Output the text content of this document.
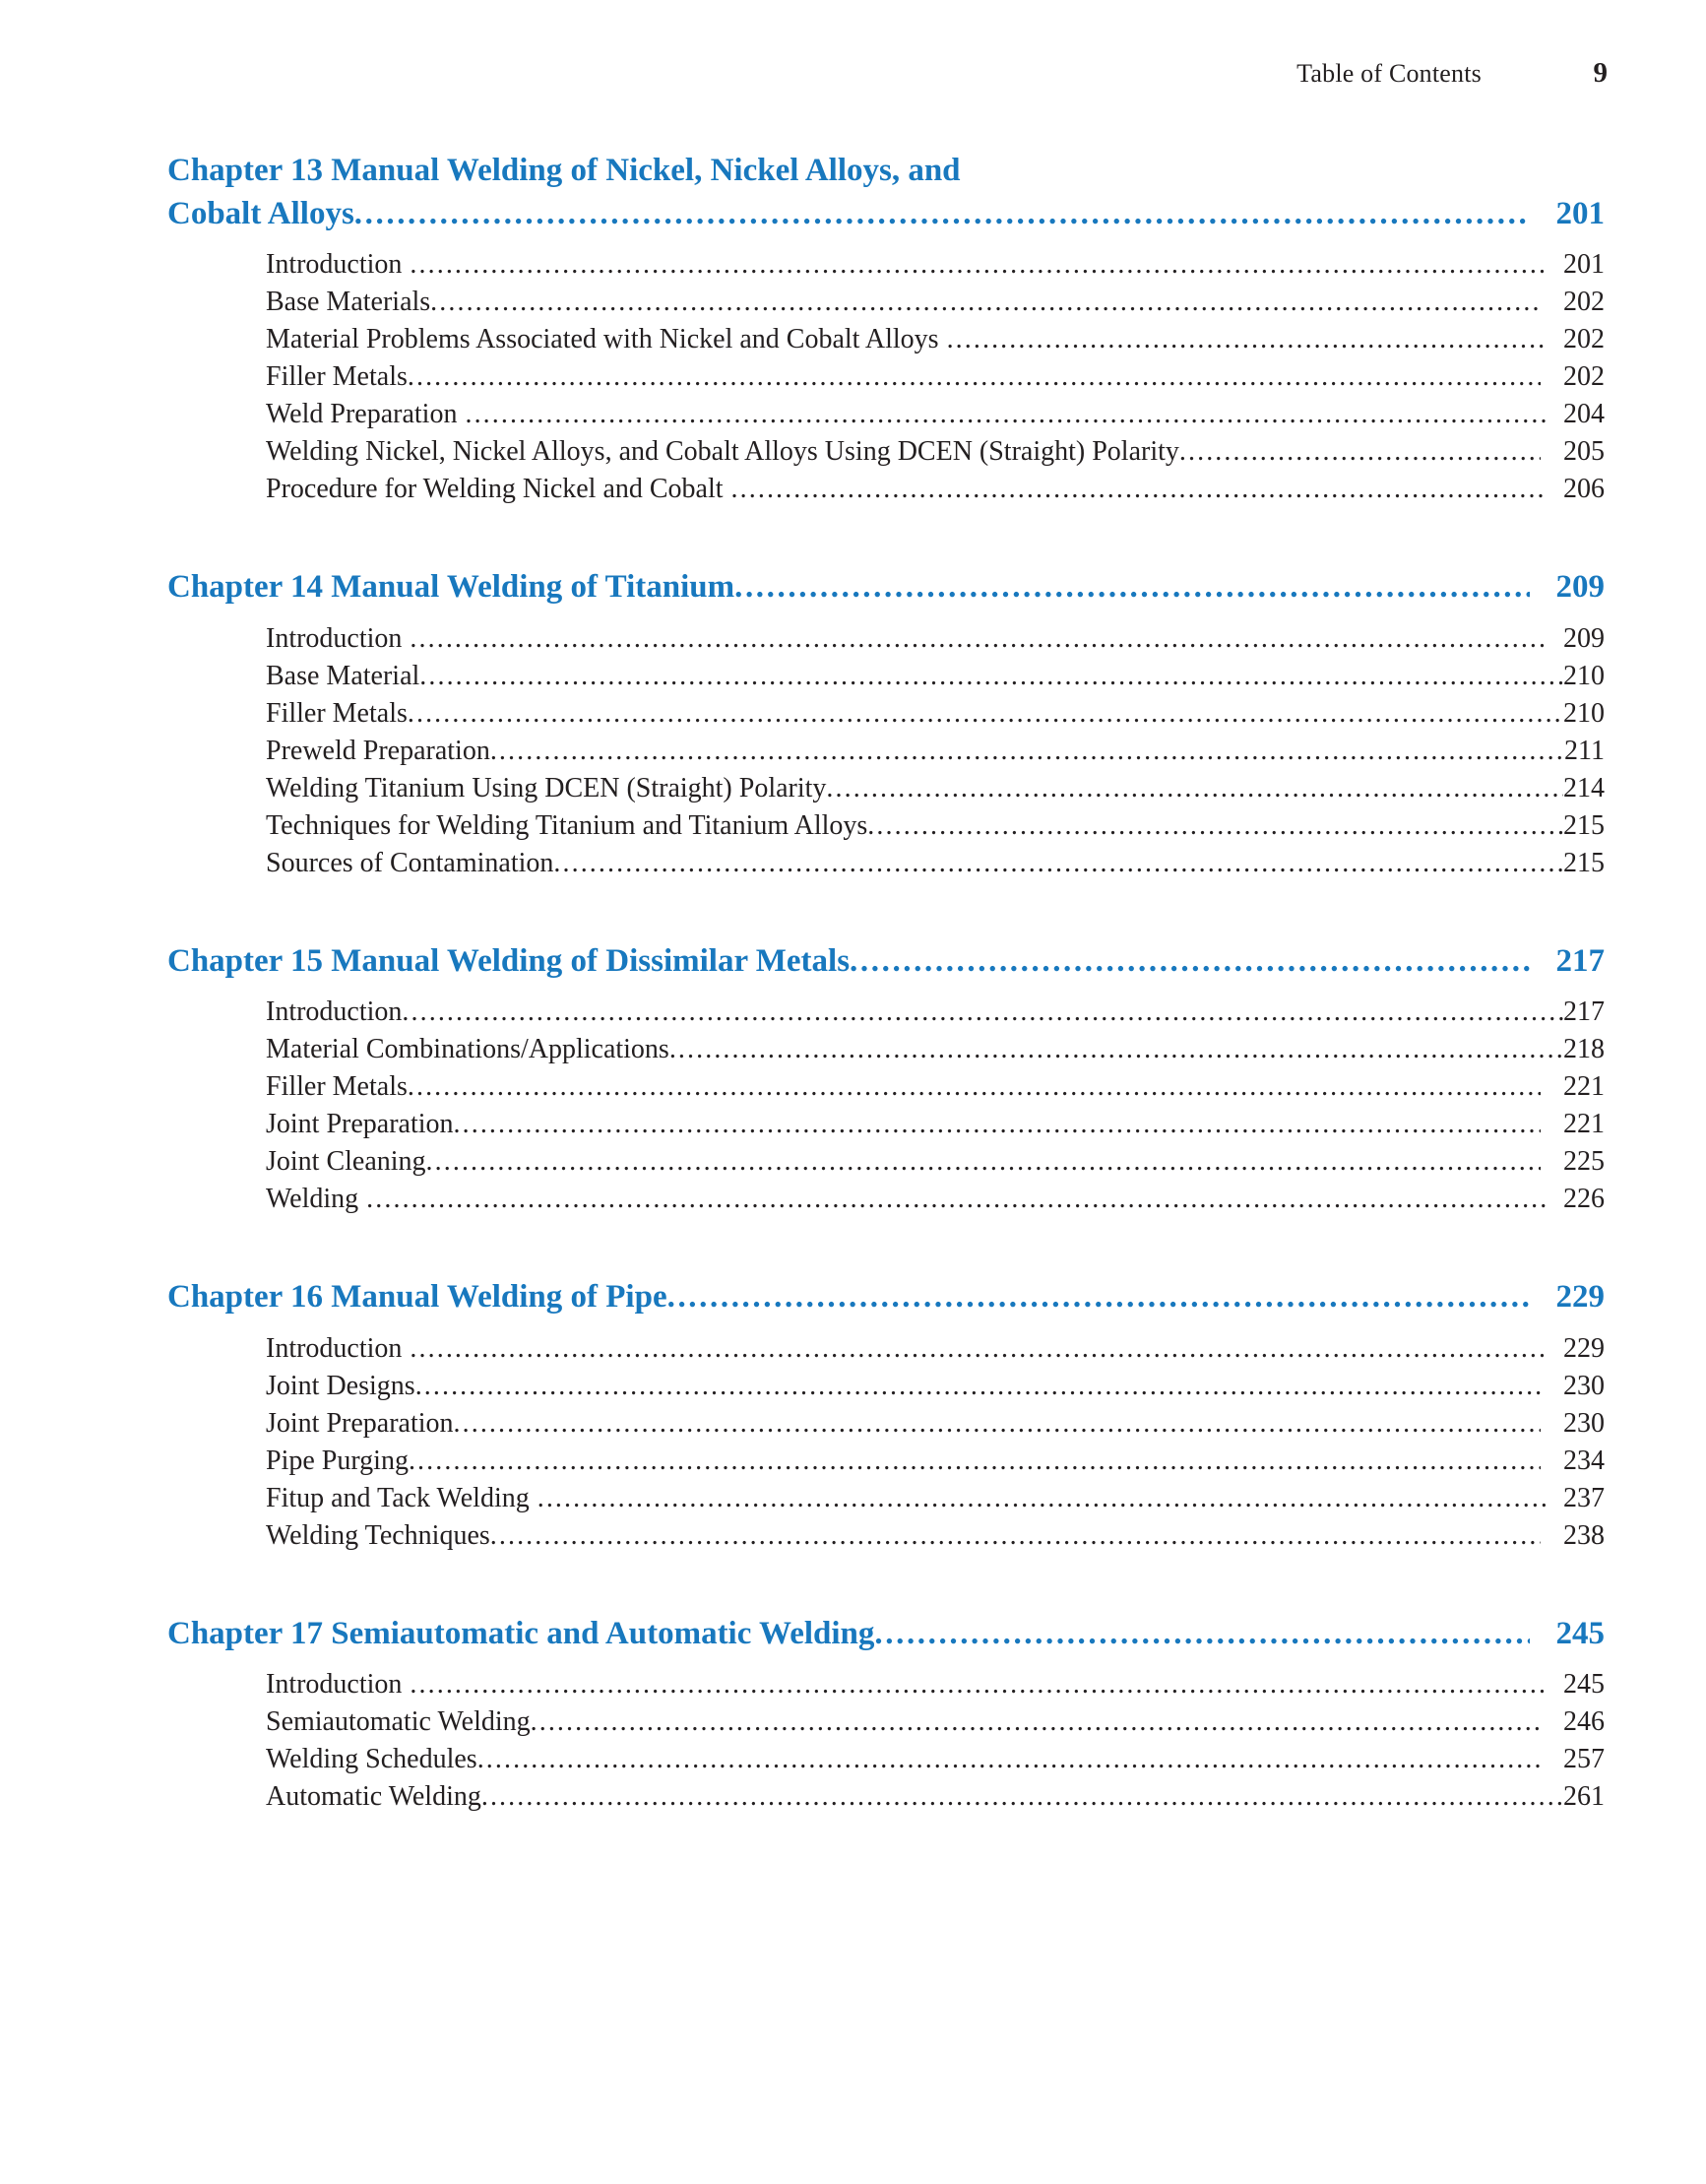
Table of Contents	9
Chapter 13 Manual Welding of Nickel, Nickel Alloys, and
Cobalt Alloys .....	201
Introduction .....	201
Base Materials .....	202
Material Problems Associated with Nickel and Cobalt Alloys .....	202
Filler Metals .....	202
Weld Preparation .....	204
Welding Nickel, Nickel Alloys, and Cobalt Alloys Using DCEN (Straight) Polarity .....	205
Procedure for Welding Nickel and Cobalt .....	206
Chapter 14 Manual Welding of Titanium .....	209
Introduction .....	209
Base Material .....	210
Filler Metals .....	210
Preweld Preparation .....	211
Welding Titanium Using DCEN (Straight) Polarity .....	214
Techniques for Welding Titanium and Titanium Alloys .....	215
Sources of Contamination .....	215
Chapter 15 Manual Welding of Dissimilar Metals .....	217
Introduction .....	217
Material Combinations/Applications .....	218
Filler Metals .....	221
Joint Preparation .....	221
Joint Cleaning .....	225
Welding .....	226
Chapter 16 Manual Welding of Pipe .....	229
Introduction .....	229
Joint Designs .....	230
Joint Preparation .....	230
Pipe Purging .....	234
Fitup and Tack Welding .....	237
Welding Techniques .....	238
Chapter 17 Semiautomatic and Automatic Welding .....	245
Introduction .....	245
Semiautomatic Welding .....	246
Welding Schedules .....	257
Automatic Welding .....	261
